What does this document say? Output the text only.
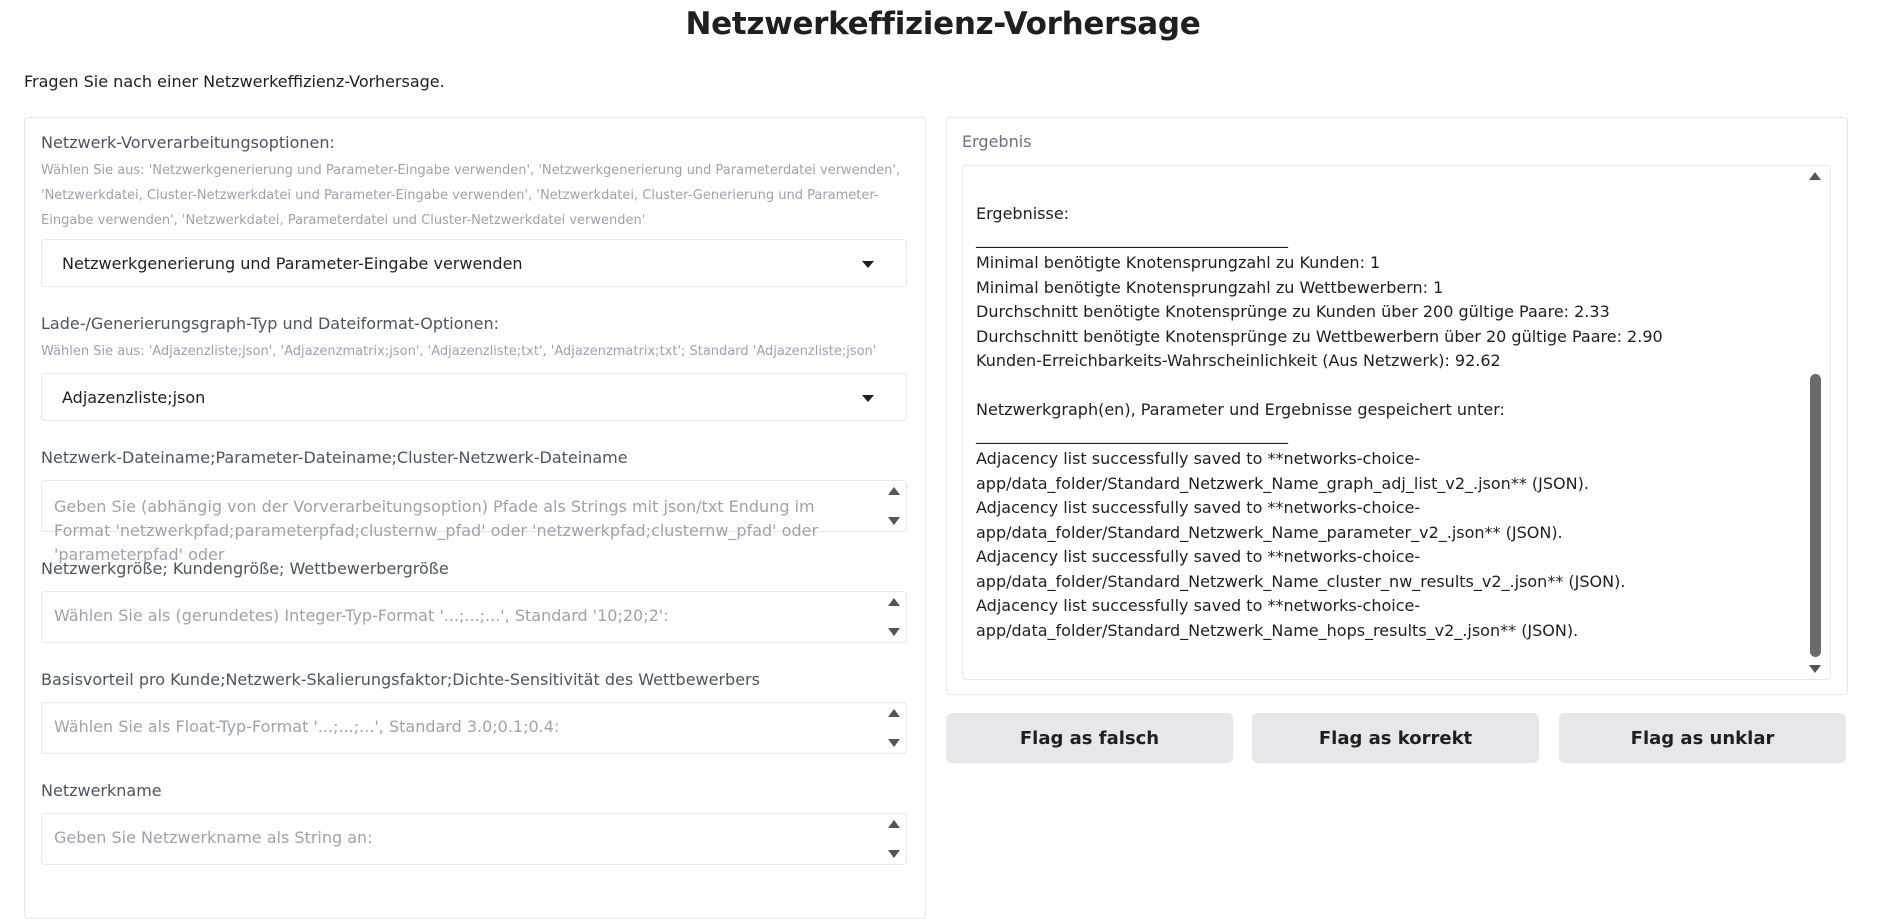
Netzwerkeffizienz-Vorhersage
Fragen Sie nach einer Netzwerkeffizienz-Vorhersage.
Netzwerk-Vorverarbeitungsoptionen:
Wählen Sie aus: 'Netzwerkgenerierung und Parameter-Eingabe verwenden', 'Netzwerkgenerierung und Parameterdatei verwenden', 'Netzwerkdatei, Cluster-Netzwerkdatei und Parameter-Eingabe verwenden', 'Netzwerkdatei, Cluster-Generierung und Parameter-Eingabe verwenden', 'Netzwerkdatei, Parameterdatei und Cluster-Netzwerkdatei verwenden'
Netzwerkgenerierung und Parameter-Eingabe verwenden
Lade-/Generierungsgraph-Typ und Dateiformat-Optionen:
Wählen Sie aus: 'Adjazenzliste;json', 'Adjazenzmatrix;json', 'Adjazenzliste;txt', 'Adjazenzmatrix;txt'; Standard 'Adjazenzliste;json'
Adjazenzliste;json
Netzwerk-Dateiname;Parameter-Dateiname;Cluster-Netzwerk-Dateiname
Geben Sie (abhängig von der Vorverarbeitungsoption) Pfade als Strings mit json/txt Endung im Format 'netzwerkpfad;parameterpfad;clusternw_pfad' oder 'netzwerkpfad;clusternw_pfad' oder 'parameterpfad' oder
Netzwerkgröße; Kundengröße; Wettbewerbergröße
Wählen Sie als (gerundetes) Integer-Typ-Format '...;...;...', Standard '10;20;2':
Basisvorteil pro Kunde;Netzwerk-Skalierungsfaktor;Dichte-Sensitivität des Wettbewerbers
Wählen Sie als Float-Typ-Format '...;...;...', Standard 3.0;0.1;0.4:
Netzwerkname
Geben Sie Netzwerkname als String an:
Ergebnis
Ergebnisse:
_______________________________________
Minimal benötigte Knotensprungzahl zu Kunden: 1
Minimal benötigte Knotensprungzahl zu Wettbewerbern: 1
Durchschnitt benötigte Knotensprünge zu Kunden über 200 gültige Paare: 2.33
Durchschnitt benötigte Knotensprünge zu Wettbewerbern über 20 gültige Paare: 2.90
Kunden-Erreichbarkeits-Wahrscheinlichkeit (Aus Netzwerk): 92.62

Netzwerkgraph(en), Parameter und Ergebnisse gespeichert unter:
_______________________________________
Adjacency list successfully saved to **networks-choice-
app/data_folder/Standard_Netzwerk_Name_graph_adj_list_v2_.json** (JSON).
Adjacency list successfully saved to **networks-choice-
app/data_folder/Standard_Netzwerk_Name_parameter_v2_.json** (JSON).
Adjacency list successfully saved to **networks-choice-
app/data_folder/Standard_Netzwerk_Name_cluster_nw_results_v2_.json** (JSON).
Adjacency list successfully saved to **networks-choice-
app/data_folder/Standard_Netzwerk_Name_hops_results_v2_.json** (JSON).
Flag as falsch	Flag as korrekt	Flag as unklar
